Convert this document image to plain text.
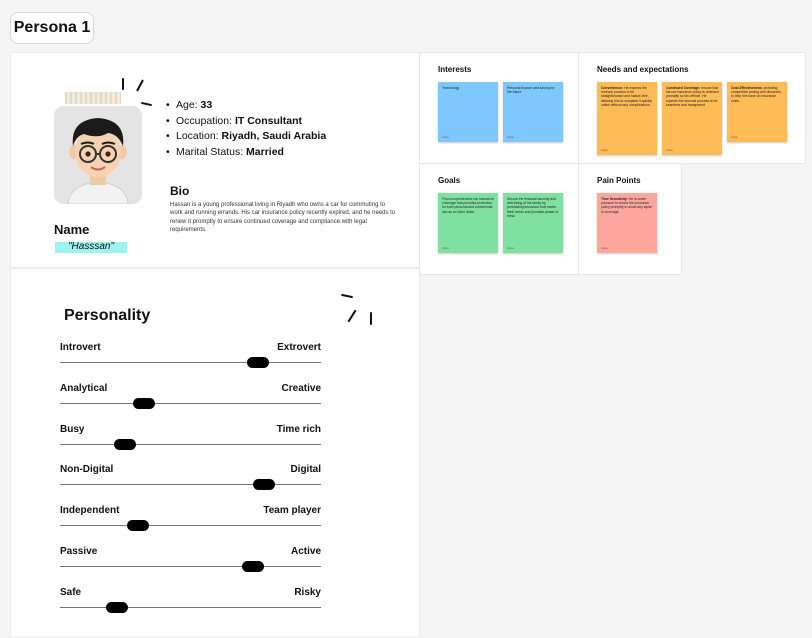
Persona 1
Name
"Hasssan"
• Age: 33
• Occupation: IT Consultant
• Location: Riyadh, Saudi Arabia
• Marital Status: Married
Bio
Hassan is a young professional living in Riyadh who owns a car for commuting to work and running errands. His car insurance policy recently expired, and he needs to renew it promptly to ensure continued coverage and compliance with legal requirements.
Personality
Introvert	Extrovert
Analytical	Creative
Busy	Time rich
Non-Digital	Digital
Independent	Team player
Passive	Active
Safe	Risky
Interests
Technology
Anna
Personal finance and saving for the future
Anna
Needs and expectations
Convenience: He expects the renewal process to be straightforward and hassle-free, allowing him to complete it quickly online without any complications.
Anna
Continued Coverage: ensure that his car insurance policy is renewed promptly so his vehicle. He expects the renewal process to be seamless and transparent
Anna
Cost-Effectiveness: providing competitive pricing and discounts to help him save on insurance costs.
Anna
Goals
Find comprehensive car insurance coverage that provides protection for both personal and commercial use as an Uber driver.
Anna
Secure the financial security and well-being of his family by purchasing insurance that meets their needs and provides peace of mind.
Anna
Pain Points
Time Sensitivity: He is under pressure to renew his insurance policy promptly to avoid any lapse in coverage.
Anna
